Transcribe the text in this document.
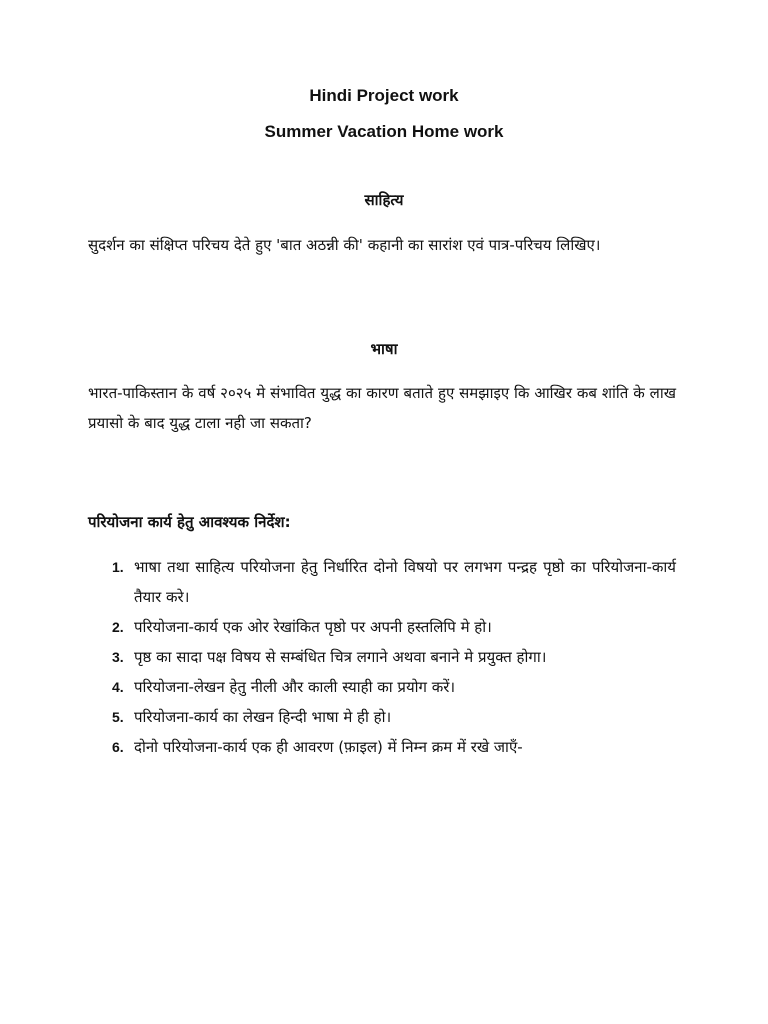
Hindi Project work
Summer Vacation Home work
साहित्य

सुदर्शन का संक्षिप्त परिचय देते हुए 'बात अठन्नी की' कहानी का सारांश एवं पात्र-परिचय लिखिए।

भाषा

भारत-पाकिस्तान के वर्ष २०२५ मे संभावित युद्ध का कारण बताते हुए समझाइए कि आखिर कब शांति के लाख प्रयासो के बाद युद्ध टाला नही जा सकता?

परियोजना कार्य हेतु आवश्यक निर्देश:
1. भाषा तथा साहित्य परियोजना हेतु निर्धारित दोनो विषयो पर लगभग पन्द्रह पृष्ठो का परियोजना-कार्य तैयार करे।
2. परियोजना-कार्य एक ओर रेखांकित पृष्ठो पर अपनी हस्तलिपि मे हो।
3. पृष्ठ का सादा पक्ष विषय से सम्बंधित चित्र लगाने अथवा बनाने मे प्रयुक्त होगा।
4. परियोजना-लेखन हेतु नीली और काली स्याही का प्रयोग करें।
5. परियोजना-कार्य का लेखन हिन्दी भाषा मे ही हो।
6. दोनो परियोजना-कार्य एक ही आवरण (फ़ाइल) में निम्न क्रम में रखे जाएँ-
